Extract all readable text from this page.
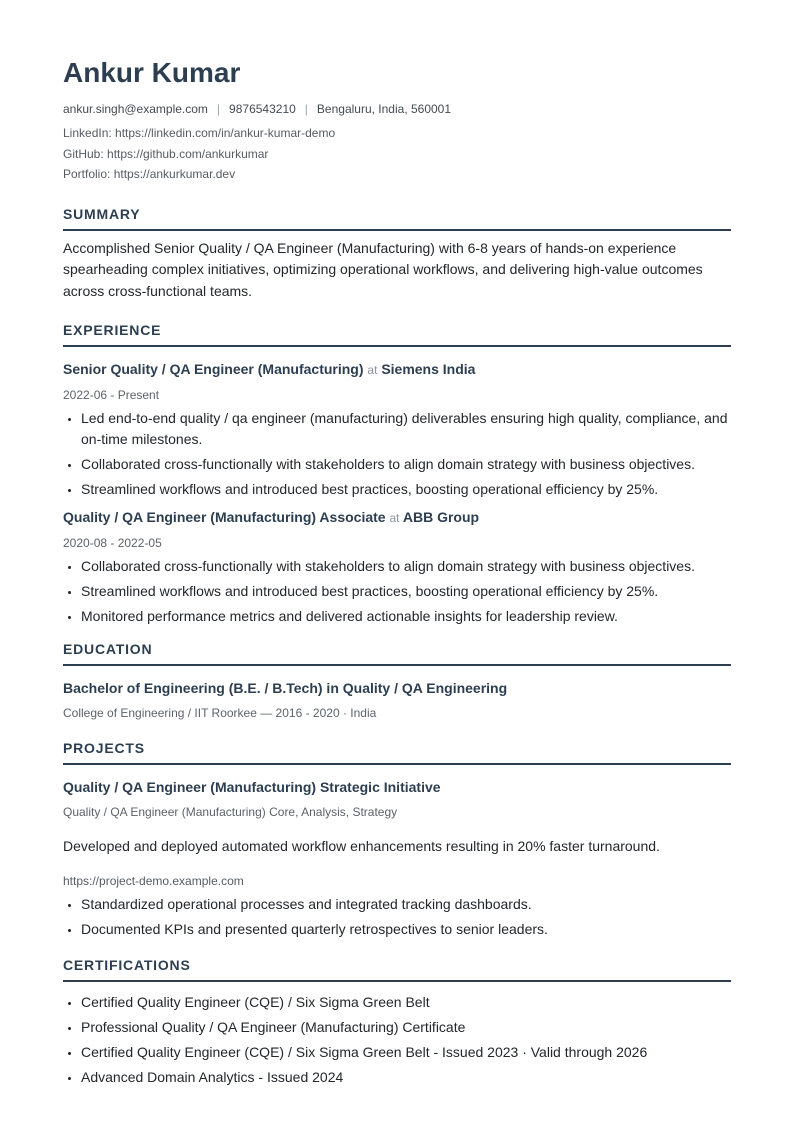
Ankur Kumar
ankur.singh@example.com | 9876543210 | Bengaluru, India, 560001
LinkedIn: https://linkedin.com/in/ankur-kumar-demo
GitHub: https://github.com/ankurkumar
Portfolio: https://ankurkumar.dev
SUMMARY
Accomplished Senior Quality / QA Engineer (Manufacturing) with 6-8 years of hands-on experience spearheading complex initiatives, optimizing operational workflows, and delivering high-value outcomes across cross-functional teams.
EXPERIENCE
Senior Quality / QA Engineer (Manufacturing) at Siemens India
2022-06 - Present
• Led end-to-end quality / qa engineer (manufacturing) deliverables ensuring high quality, compliance, and on-time milestones.
• Collaborated cross-functionally with stakeholders to align domain strategy with business objectives.
• Streamlined workflows and introduced best practices, boosting operational efficiency by 25%.
Quality / QA Engineer (Manufacturing) Associate at ABB Group
2020-08 - 2022-05
• Collaborated cross-functionally with stakeholders to align domain strategy with business objectives.
• Streamlined workflows and introduced best practices, boosting operational efficiency by 25%.
• Monitored performance metrics and delivered actionable insights for leadership review.
EDUCATION
Bachelor of Engineering (B.E. / B.Tech) in Quality / QA Engineering
College of Engineering / IIT Roorkee — 2016 - 2020 · India
PROJECTS
Quality / QA Engineer (Manufacturing) Strategic Initiative
Quality / QA Engineer (Manufacturing) Core, Analysis, Strategy
Developed and deployed automated workflow enhancements resulting in 20% faster turnaround.
https://project-demo.example.com
• Standardized operational processes and integrated tracking dashboards.
• Documented KPIs and presented quarterly retrospectives to senior leaders.
CERTIFICATIONS
• Certified Quality Engineer (CQE) / Six Sigma Green Belt
• Professional Quality / QA Engineer (Manufacturing) Certificate
• Certified Quality Engineer (CQE) / Six Sigma Green Belt - Issued 2023 · Valid through 2026
• Advanced Domain Analytics - Issued 2024
